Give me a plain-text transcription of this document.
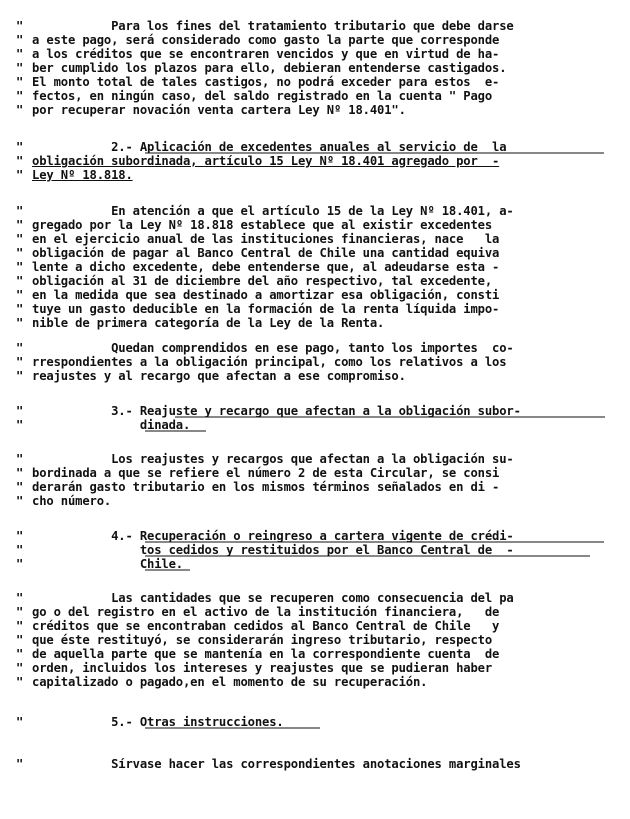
" Para los fines del tratamiento tributario que debe darse
" a este pago, será considerado como gasto la parte que corresponde
" a los créditos que se encontraren vencidos y que en virtud de ha-
" ber cumplido los plazos para ello, debieran entenderse castigados.
" El monto total de tales castigos, no podrá exceder para estos  e-
" fectos, en ningún caso, del saldo registrado en la cuenta " Pago
" por recuperar novación venta cartera Ley Nº 18.401".
" 2.- Aplicación de excedentes anuales al servicio de  la
" obligación subordinada, artículo 15 Ley Nº 18.401 agregado por  -
" Ley Nº 18.818.
" En atención a que el artículo 15 de la Ley Nº 18.401, a-
" gregado por la Ley Nº 18.818 establece que al existir excedentes
" en el ejercicio anual de las instituciones financieras, nace   la
" obligación de pagar al Banco Central de Chile una cantidad equiva
" lente a dicho excedente, debe entenderse que, al adeudarse esta -
" obligación al 31 de diciembre del año respectivo, tal excedente,
" en la medida que sea destinado a amortizar esa obligación, consti
" tuye un gasto deducible en la formación de la renta líquida impo-
" nible de primera categoría de la Ley de la Renta.
" Quedan comprendidos en ese pago, tanto los importes  co-
" rrespondientes a la obligación principal, como los relativos a los
" reajustes y al recargo que afectan a ese compromiso.
" 3.- Reajuste y recargo que afectan a la obligación subor-
" dinada.
" Los reajustes y recargos que afectan a la obligación su-
" bordinada a que se refiere el número 2 de esta Circular, se consi
" derarán gasto tributario en los mismos términos señalados en di -
" cho número.
" 4.- Recuperación o reingreso a cartera vigente de crédi-
" tos cedidos y restituidos por el Banco Central de  -
" Chile.
" Las cantidades que se recuperen como consecuencia del pa
" go o del registro en el activo de la institución financiera,   de
" créditos que se encontraban cedidos al Banco Central de Chile   y
" que éste restituyó, se considerarán ingreso tributario, respecto
" de aquella parte que se mantenía en la correspondiente cuenta  de
" orden, incluidos los intereses y reajustes que se pudieran haber
" capitalizado o pagado,en el momento de su recuperación.
" 5.- Otras instrucciones.
" Sírvase hacer las correspondientes anotaciones marginales
